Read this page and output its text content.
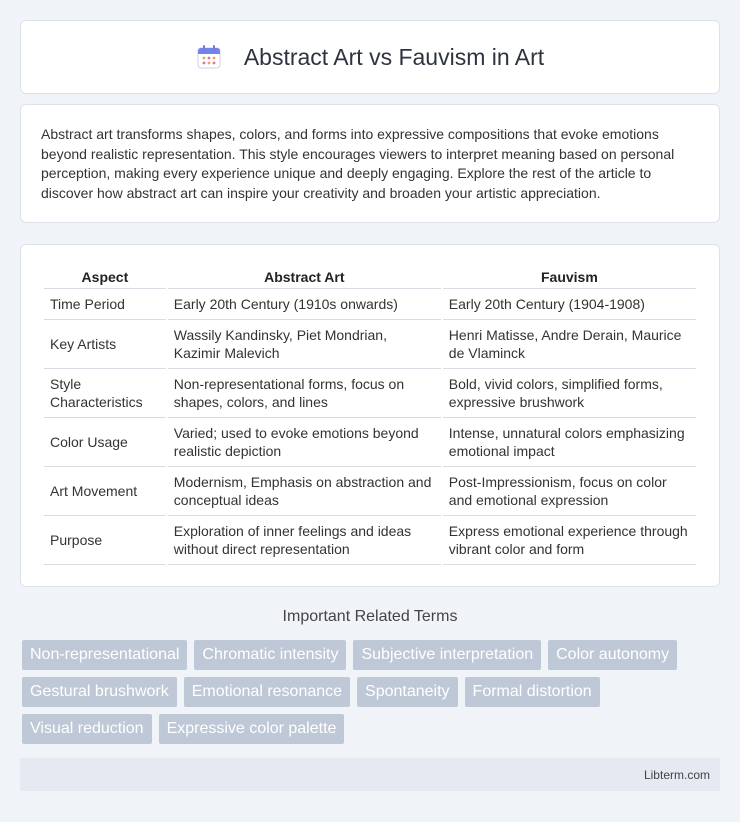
Abstract Art vs Fauvism in Art

Abstract art transforms shapes, colors, and forms into expressive compositions that evoke emotions beyond realistic representation. This style encourages viewers to interpret meaning based on personal perception, making every experience unique and deeply engaging. Explore the rest of the article to discover how abstract art can inspire your creativity and broaden your artistic appreciation.

Aspect	Abstract Art	Fauvism
Time Period	Early 20th Century (1910s onwards)	Early 20th Century (1904-1908)
Key Artists	Wassily Kandinsky, Piet Mondrian, Kazimir Malevich	Henri Matisse, Andre Derain, Maurice de Vlaminck
Style Characteristics	Non-representational forms, focus on shapes, colors, and lines	Bold, vivid colors, simplified forms, expressive brushwork
Color Usage	Varied; used to evoke emotions beyond realistic depiction	Intense, unnatural colors emphasizing emotional impact
Art Movement	Modernism, Emphasis on abstraction and conceptual ideas	Post-Impressionism, focus on color and emotional expression
Purpose	Exploration of inner feelings and ideas without direct representation	Express emotional experience through vibrant color and form
Important Related Terms
Non-representational	Chromatic intensity	Subjective interpretation	Color autonomy
Gestural brushwork	Emotional resonance	Spontaneity	Formal distortion
Visual reduction	Expressive color palette
Libterm.com
